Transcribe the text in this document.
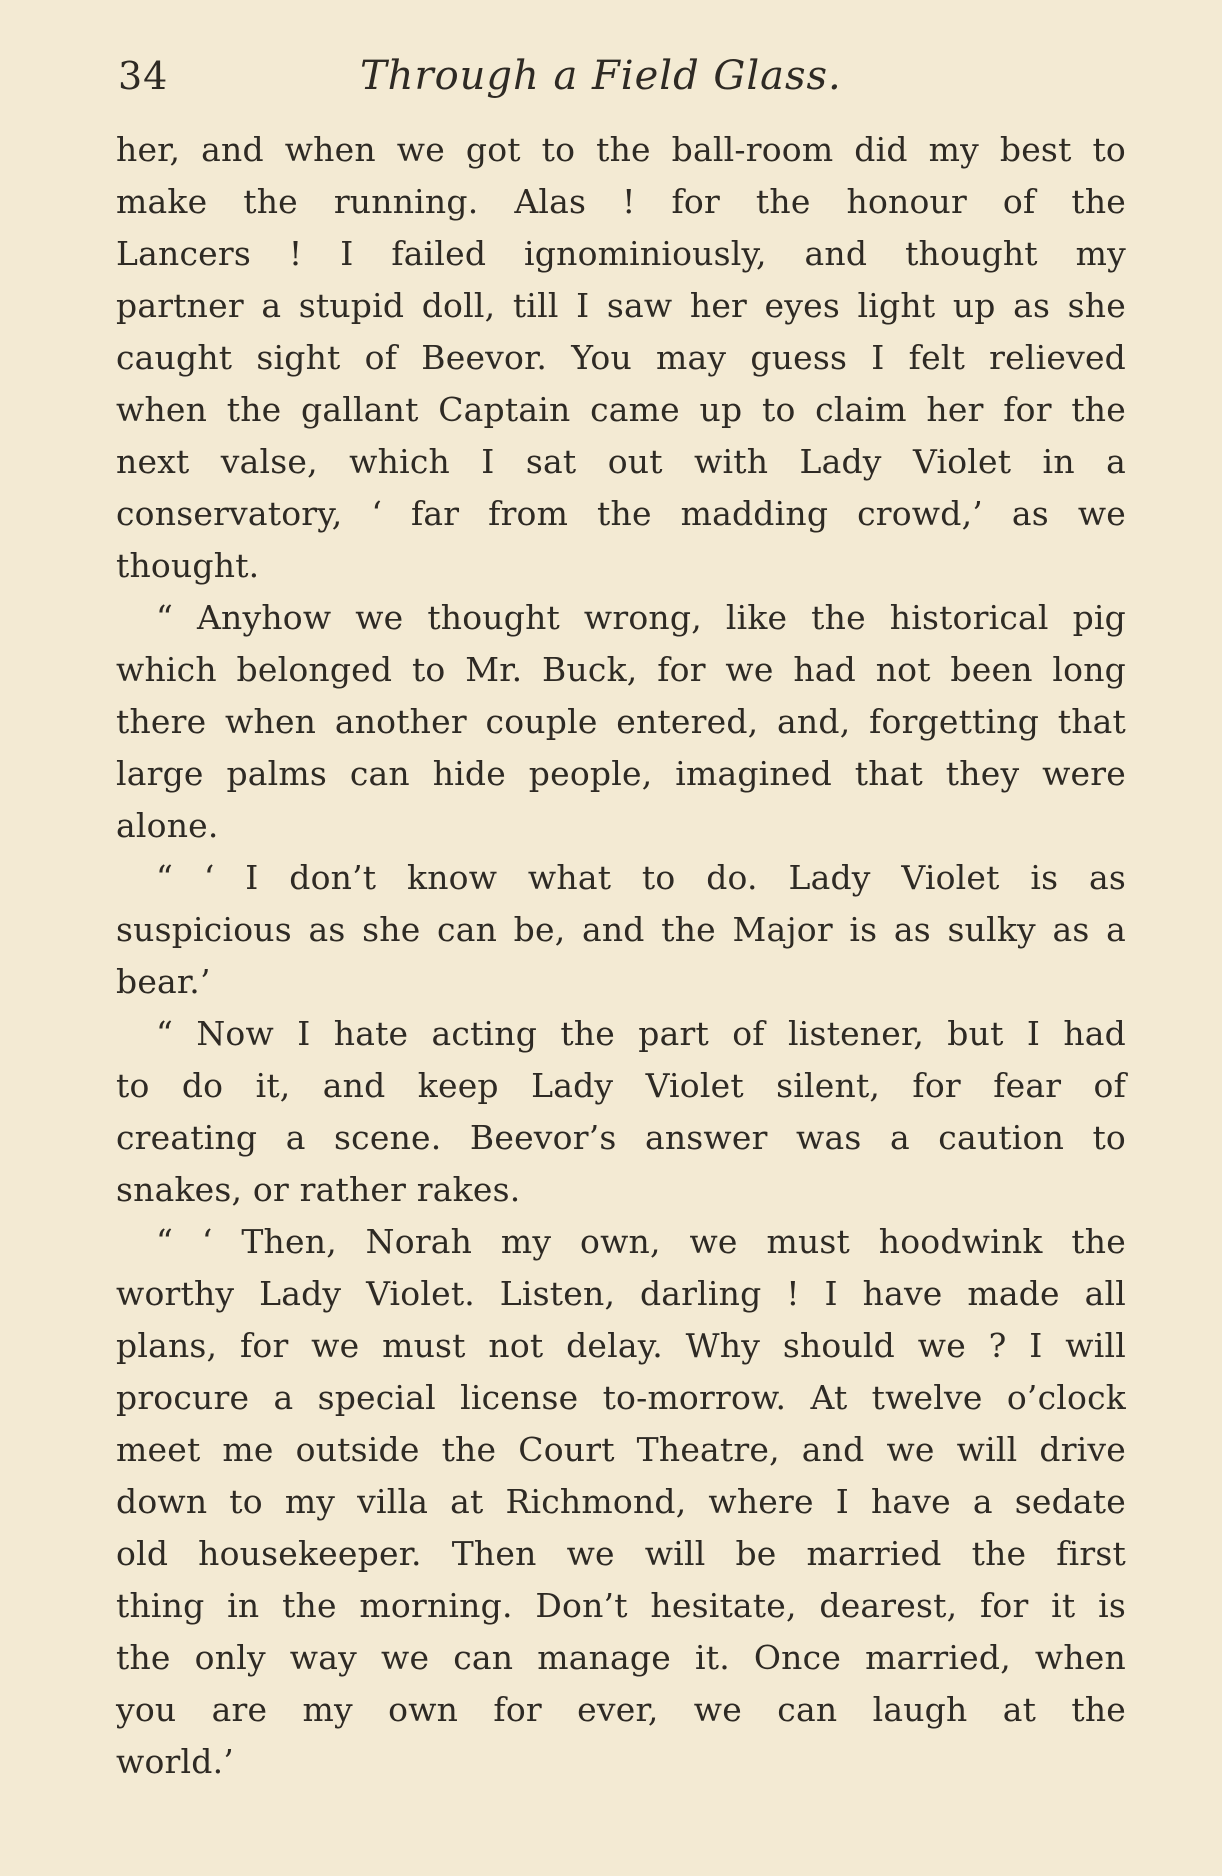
34	Through a Field Glass.
her, and when we got to the ball-room did my best to
make the running. Alas ! for the honour of the
Lancers ! I failed ignominiously, and thought my
partner a stupid doll, till I saw her eyes light up as she
caught sight of Beevor. You may guess I felt relieved
when the gallant Captain came up to claim her for the
next valse, which I sat out with Lady Violet in a
conservatory, ‘ far from the madding crowd,’ as we
thought.
“ Anyhow we thought wrong, like the historical pig
which belonged to Mr. Buck, for we had not been long
there when another couple entered, and, forgetting that
large palms can hide people, imagined that they were
alone.
“ ‘ I don’t know what to do. Lady Violet is as
suspicious as she can be, and the Major is as sulky as a
bear.’
“ Now I hate acting the part of listener, but I had
to do it, and keep Lady Violet silent, for fear of
creating a scene. Beevor’s answer was a caution to
snakes, or rather rakes.
“ ‘ Then, Norah my own, we must hoodwink the
worthy Lady Violet. Listen, darling ! I have made all
plans, for we must not delay. Why should we ? I will
procure a special license to-morrow. At twelve o’clock
meet me outside the Court Theatre, and we will drive
down to my villa at Richmond, where I have a sedate
old housekeeper. Then we will be married the first
thing in the morning. Don’t hesitate, dearest, for it is
the only way we can manage it. Once married, when
you are my own for ever, we can laugh at the
world.’
